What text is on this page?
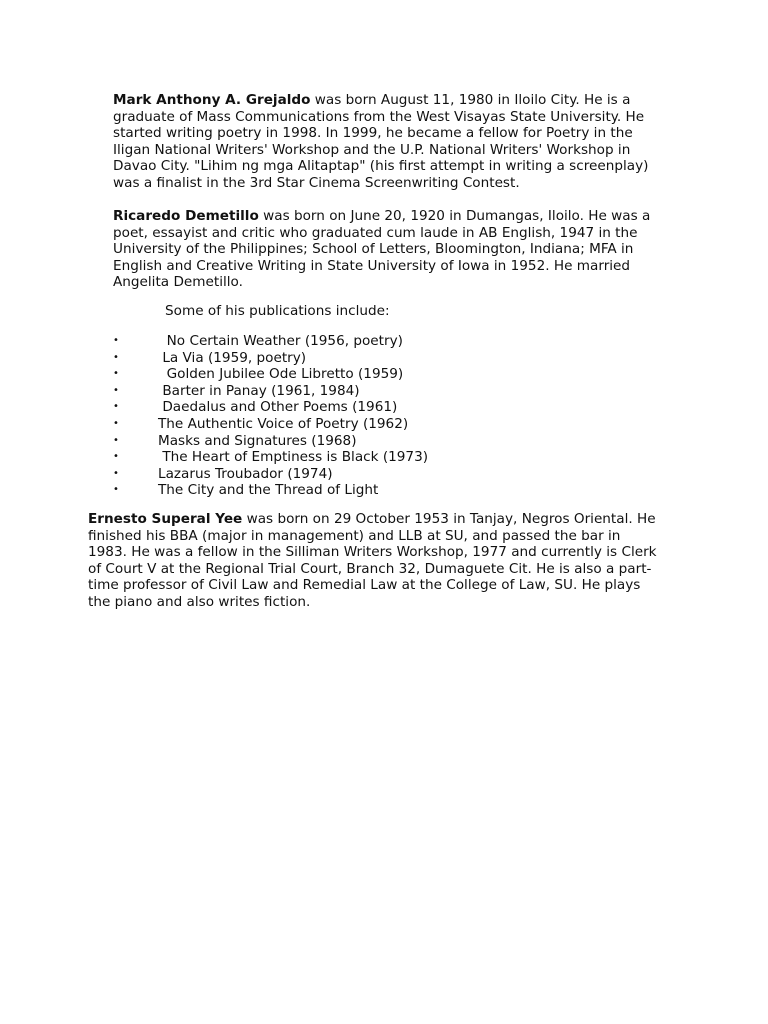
Mark Anthony A. Grejaldo was born August 11, 1980 in Iloilo City. He is a graduate of Mass Communications from the West Visayas State University. He started writing poetry in 1998. In 1999, he became a fellow for Poetry in the Iligan National Writers' Workshop and the U.P. National Writers' Workshop in Davao City. "Lihim ng mga Alitaptap" (his first attempt in writing a screenplay) was a finalist in the 3rd Star Cinema Screenwriting Contest.

Ricaredo Demetillo was born on June 20, 1920 in Dumangas, Iloilo. He was a poet, essayist and critic who graduated cum laude in AB English, 1947 in the University of the Philippines; School of Letters, Bloomington, Indiana; MFA in English and Creative Writing in State University of Iowa in 1952. He married Angelita Demetillo.

Some of his publications include:

•	No Certain Weather (1956, poetry)
•	La Via (1959, poetry)
•	Golden Jubilee Ode Libretto (1959)
•	Barter in Panay (1961, 1984)
•	Daedalus and Other Poems (1961)
•	The Authentic Voice of Poetry (1962)
•	Masks and Signatures (1968)
•	The Heart of Emptiness is Black (1973)
•	Lazarus Troubador (1974)
•	The City and the Thread of Light

Ernesto Superal Yee was born on 29 October 1953 in Tanjay, Negros Oriental. He finished his BBA (major in management) and LLB at SU, and passed the bar in 1983. He was a fellow in the Silliman Writers Workshop, 1977 and currently is Clerk of Court V at the Regional Trial Court, Branch 32, Dumaguete Cit. He is also a part-time professor of Civil Law and Remedial Law at the College of Law, SU. He plays the piano and also writes fiction.
